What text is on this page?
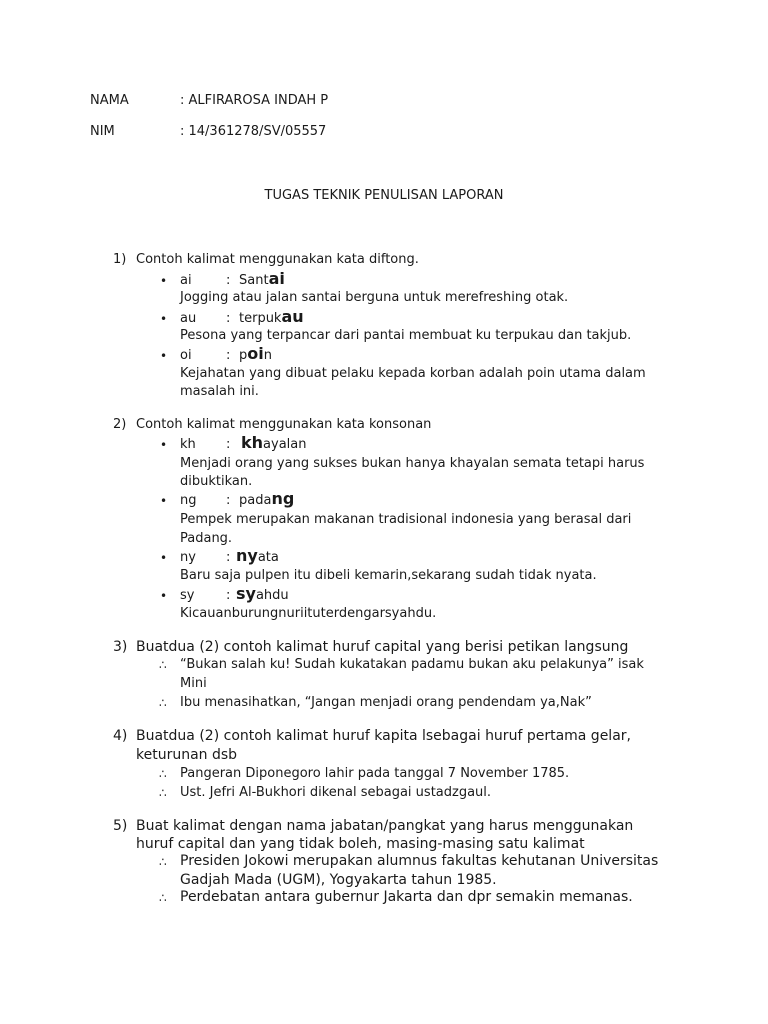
NAMA	: ALFIRAROSA INDAH P
NIM	: 14/361278/SV/05557
TUGAS TEKNIK PENULISAN LAPORAN
1) Contoh kalimat menggunakan kata diftong.
• ai	: Santai
Jogging atau jalan santai berguna untuk merefreshing otak.
• au : terpukau
Pesona yang terpancar dari pantai membuat ku terpukau dan takjub.
• oi	: poin
Kejahatan yang dibuat pelaku kepada korban adalah poin utama dalam
masalah ini.
2) Contoh kalimat menggunakan kata konsonan
• kh : khayalan
Menjadi orang yang sukses bukan hanya khayalan semata tetapi harus
dibuktikan.
• ng : padang
Pempek merupakan makanan tradisional indonesia yang berasal dari
Padang.
• ny : nyata
Baru saja pulpen itu dibeli kemarin,sekarang sudah tidak nyata.
• sy : syahdu
Kicauanburungnuriituterdengarsyahdu.
3) Buatdua (2) contoh kalimat huruf capital yang berisi petikan langsung
∴ “Bukan salah ku! Sudah kukatakan padamu bukan aku pelakunya” isak
Mini
∴ Ibu menasihatkan, “Jangan menjadi orang pendendam ya,Nak”
4) Buatdua (2) contoh kalimat huruf kapita lsebagai huruf pertama gelar,
keturunan dsb
∴ Pangeran Diponegoro lahir pada tanggal 7 November 1785.
∴ Ust. Jefri Al-Bukhori dikenal sebagai ustadzgaul.
5) Buat kalimat dengan nama jabatan/pangkat yang harus menggunakan
huruf capital dan yang tidak boleh, masing-masing satu kalimat
∴ Presiden Jokowi merupakan alumnus fakultas kehutanan Universitas
Gadjah Mada (UGM), Yogyakarta tahun 1985.
∴ Perdebatan antara gubernur Jakarta dan dpr semakin memanas.
